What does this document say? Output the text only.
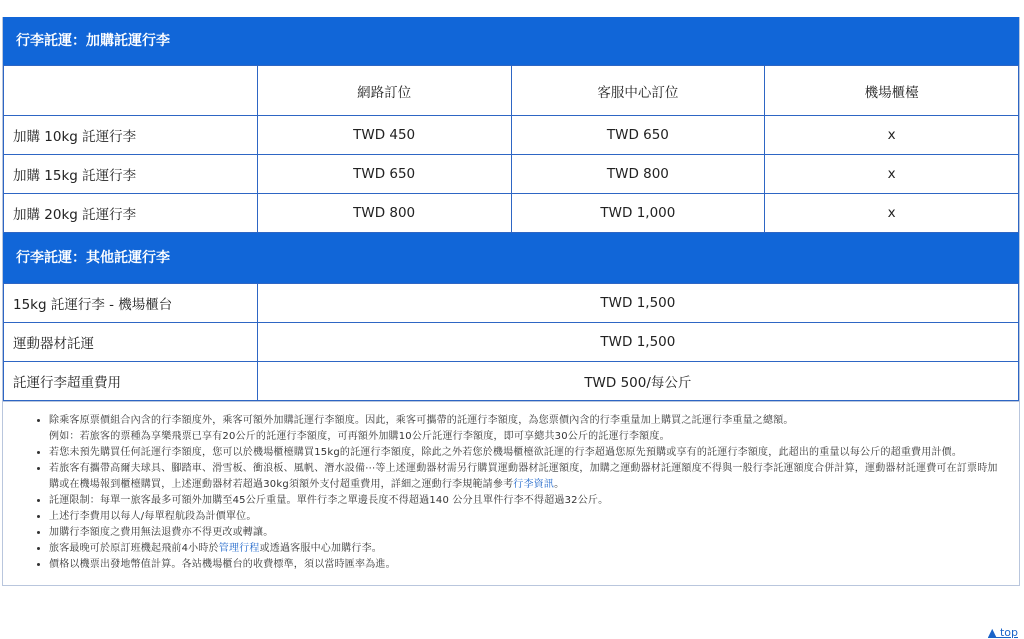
行李託運：加購託運行李
	網路訂位	客服中心訂位	機場櫃檯
加購 10kg 託運行李	TWD 450	TWD 650	x
加購 15kg 託運行李	TWD 650	TWD 800	x
加購 20kg 託運行李	TWD 800	TWD 1,000	x
行李託運：其他託運行李
15kg 託運行李 - 機場櫃台	TWD 1,500
運動器材託運	TWD 1,500
託運行李超重費用	TWD 500/每公斤
• 除乘客原票價組合內含的行李額度外，乘客可額外加購託運行李額度。因此，乘客可攜帶的託運行李額度，為您票價內含的行李重量加上購買之託運行李重量之總額。
例如：若旅客的票種為享樂飛票已享有20公斤的託運行李額度，可再額外加購10公斤託運行李額度，即可享總共30公斤的託運行李額度。
• 若您未預先購買任何託運行李額度，您可以於機場櫃檯購買15kg的託運行李額度，除此之外若您於機場櫃檯欲託運的行李超過您原先預購或享有的託運行李額度，此超出的重量以每公斤的超重費用計價。
• 若旅客有攜帶高爾夫球具、腳踏車、滑雪板、衝浪板、風帆、潛水設備⋯等上述運動器材需另行購買運動器材託運額度，加購之運動器材託運額度不得與一般行李託運額度合併計算，運動器材託運費可在訂票時加購或在機場報到櫃檯購買，上述運動器材若超過30kg須額外支付超重費用，詳細之運動行李規範請參考行李資訊。
• 託運限制：每單一旅客最多可額外加購至45公斤重量。單件行李之單邊長度不得超過140 公分且單件行李不得超過32公斤。
• 上述行李費用以每人/每單程航段為計價單位。
• 加購行李額度之費用無法退費亦不得更改或轉讓。
• 旅客最晚可於原訂班機起飛前4小時於管理行程或透過客服中心加購行李。
• 價格以機票出發地幣值計算。各站機場櫃台的收費標準，須以當時匯率為進。
▲ top
